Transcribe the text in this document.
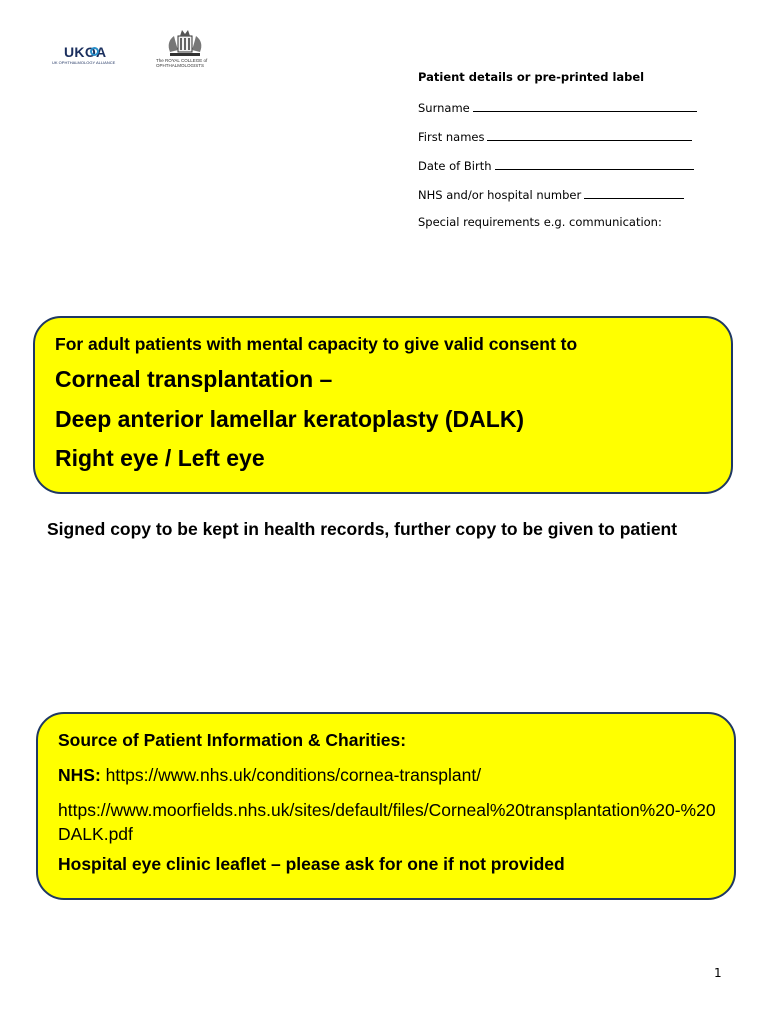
UKOA
UK OPHTHALMOLOGY ALLIANCE	The ROYAL COLLEGE of
OPHTHALMOLOGISTS
Patient details or pre-printed label
Surname
First names
Date of Birth
NHS and/or hospital number
Special requirements e.g. communication:
For adult patients with mental capacity to give valid consent to
Corneal transplantation –
Deep anterior lamellar keratoplasty (DALK)
Right eye / Left eye
Signed copy to be kept in health records, further copy to be given to patient
Source of Patient Information & Charities:
NHS: https://www.nhs.uk/conditions/cornea-transplant/
https://www.moorfields.nhs.uk/sites/default/files/Corneal%20transplantation%20-%20DALK.pdf
Hospital eye clinic leaflet – please ask for one if not provided
1
